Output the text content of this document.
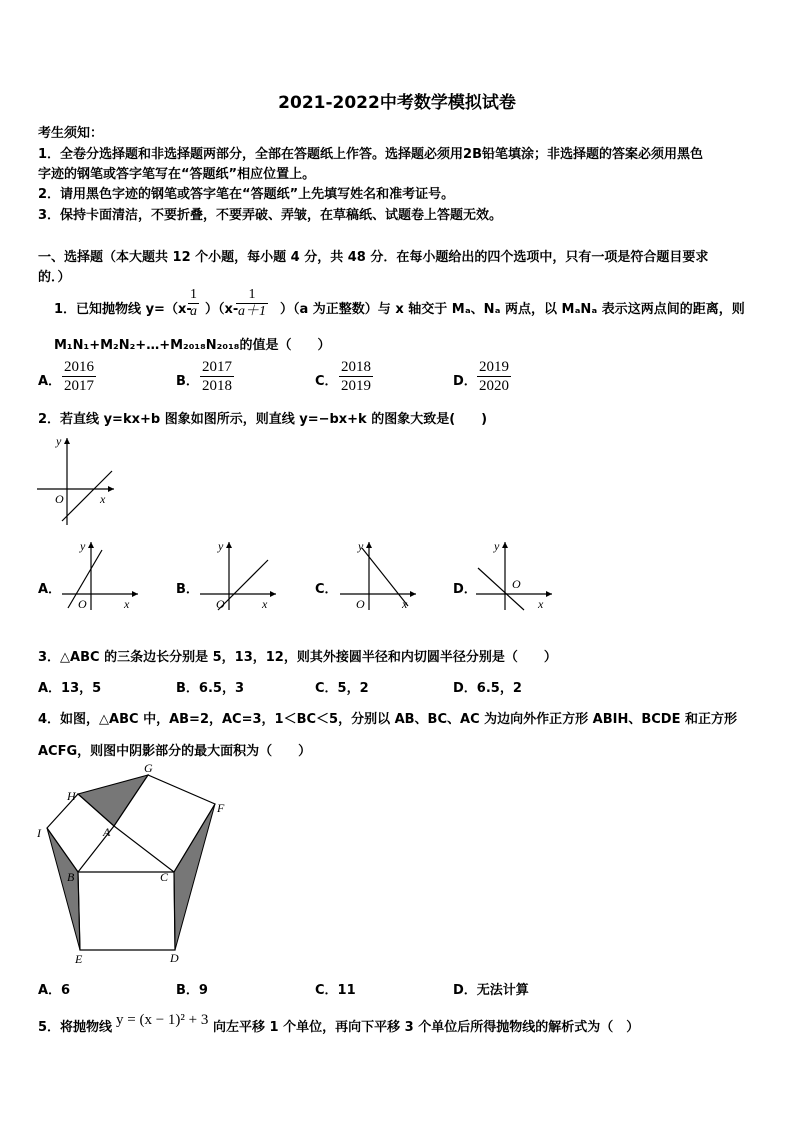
2021-2022中考数学模拟试卷
考生须知：
1．全卷分选择题和非选择题两部分，全部在答题纸上作答。选择题必须用2B铅笔填涂；非选择题的答案必须用黑色
字迹的钢笔或答字笔写在“答题纸”相应位置上。
2．请用黑色字迹的钢笔或答字笔在“答题纸”上先填写姓名和准考证号。
3．保持卡面清洁，不要折叠，不要弄破、弄皱，在草稿纸、试题卷上答题无效。
一、选择题（本大题共 12 个小题，每小题 4 分，共 48 分．在每小题给出的四个选项中，只有一项是符合题目要求
的．）
1．已知抛物线 y=（x-
$\frac{1}{a} )(x-$
$\frac{1}{a+1} )(a$ 为正整数）与 x 轴交于 Mₐ、Nₐ 两点，以 MₐNₐ 表示这两点间的距离，则
M₁N₁+M₂N₂+…+M₂₀₁₈N₂₀₁₈的值是（　　）
A． $\frac{2016}{2017}$	B． $\frac{2017}{2018}$	C． $\frac{2018}{2019}$	D． $\frac{2019}{2020}$
2．若直线 y=kx+b 图象如图所示，则直线 y=−bx+k 的图象大致是(　　)
y
x
O
A．
y
x
O
B．
y
x
O
C．
y
x
O
D．
y
x
O
3．△ABC 的三条边长分别是 5，13，12，则其外接圆半径和内切圆半径分别是（　　）
A．13，5	B．6.5，3	C．5，2	D．6.5，2
4．如图，△ABC 中，AB=2，AC=3，1＜BC＜5，分别以 AB、BC、AC 为边向外作正方形 ABIH、BCDE 和正方形
ACFG，则图中阴影部分的最大面积为（　　）
G
H
I	A
B	C
F
E	D
A．6	B．9	C．11	D．无法计算
5．将抛物线 y = (x − 1)² + 3 向左平移 1 个单位，再向下平移 3 个单位后所得抛物线的解析式为（　）
